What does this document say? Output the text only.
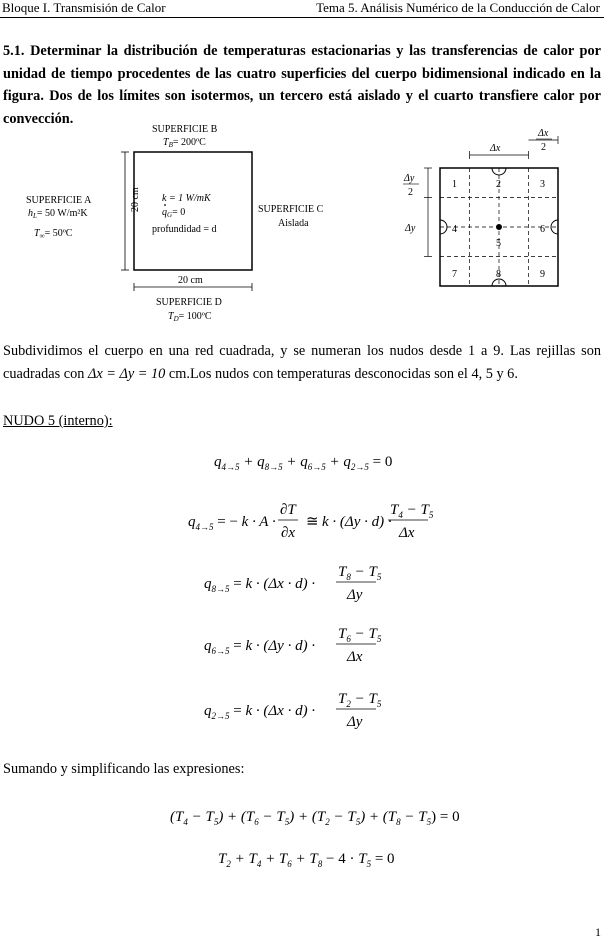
Bloque I. Transmisión de Calor	Tema 5. Análisis Numérico de la Conducción de Calor
5.1. Determinar la distribución de temperaturas estacionarias y las transferencias de calor por unidad de tiempo procedentes de las cuatro superficies del cuerpo bidimensional indicado en la figura. Dos de los límites son isotermos, un tercero está aislado y el cuarto transfiere calor por convección.
SUPERFICIE B
$T_B=$ 200ºC
SUPERFICIE A
$h_L= 50$ W/m²K
$T_\infty=$ 50ºC
k = 1 W/mK
$q_G= 0$
profundidad = d
SUPERFICIE C
Aislada
20 cm
20 cm
SUPERFICIE D
$T_D=$ 100ºC
1	2	3
4
5
6
7	8	9
Δx
Δx
2
Δy
2
Δy
Subdividimos el cuerpo en una red cuadrada, y se numeran los nudos desde 1 a 9. Las rejillas son cuadradas con Δx = Δy = 10 cm.Los nudos con temperaturas desconocidas son el 4, 5 y 6.
NUDO 5 (interno):
$q_{4\to 5} + q_{8\to 5} + q_{6\to 5} + q_{2\to 5} = 0$
$q_{4\to 5}$ = − k · A ·
∂T
∂x
≅ k · (Δy · d) ·
$T_4 - T_5$
Δx
$q_{8\to 5} = k \cdot (\Delta x \cdot d)$ ·
$T_8 - T_5$
Δy
$q_{6\to 5} = k \cdot (\Delta y \cdot d)$ ·
$T_6 - T_5$
Δx
$q_{2\to 5} = k \cdot (\Delta x \cdot d)$ ·
$T_2 - T_5$
Δy
Sumando y simplificando las expresiones:
$(T_4 - T_5) + (T_6 - T_5) + (T_2 - T_5) + (T_8 - T_5) = 0$
$T_2 + T_4 + T_6 + T_8 - 4 \cdot T_5 = 0$
1
